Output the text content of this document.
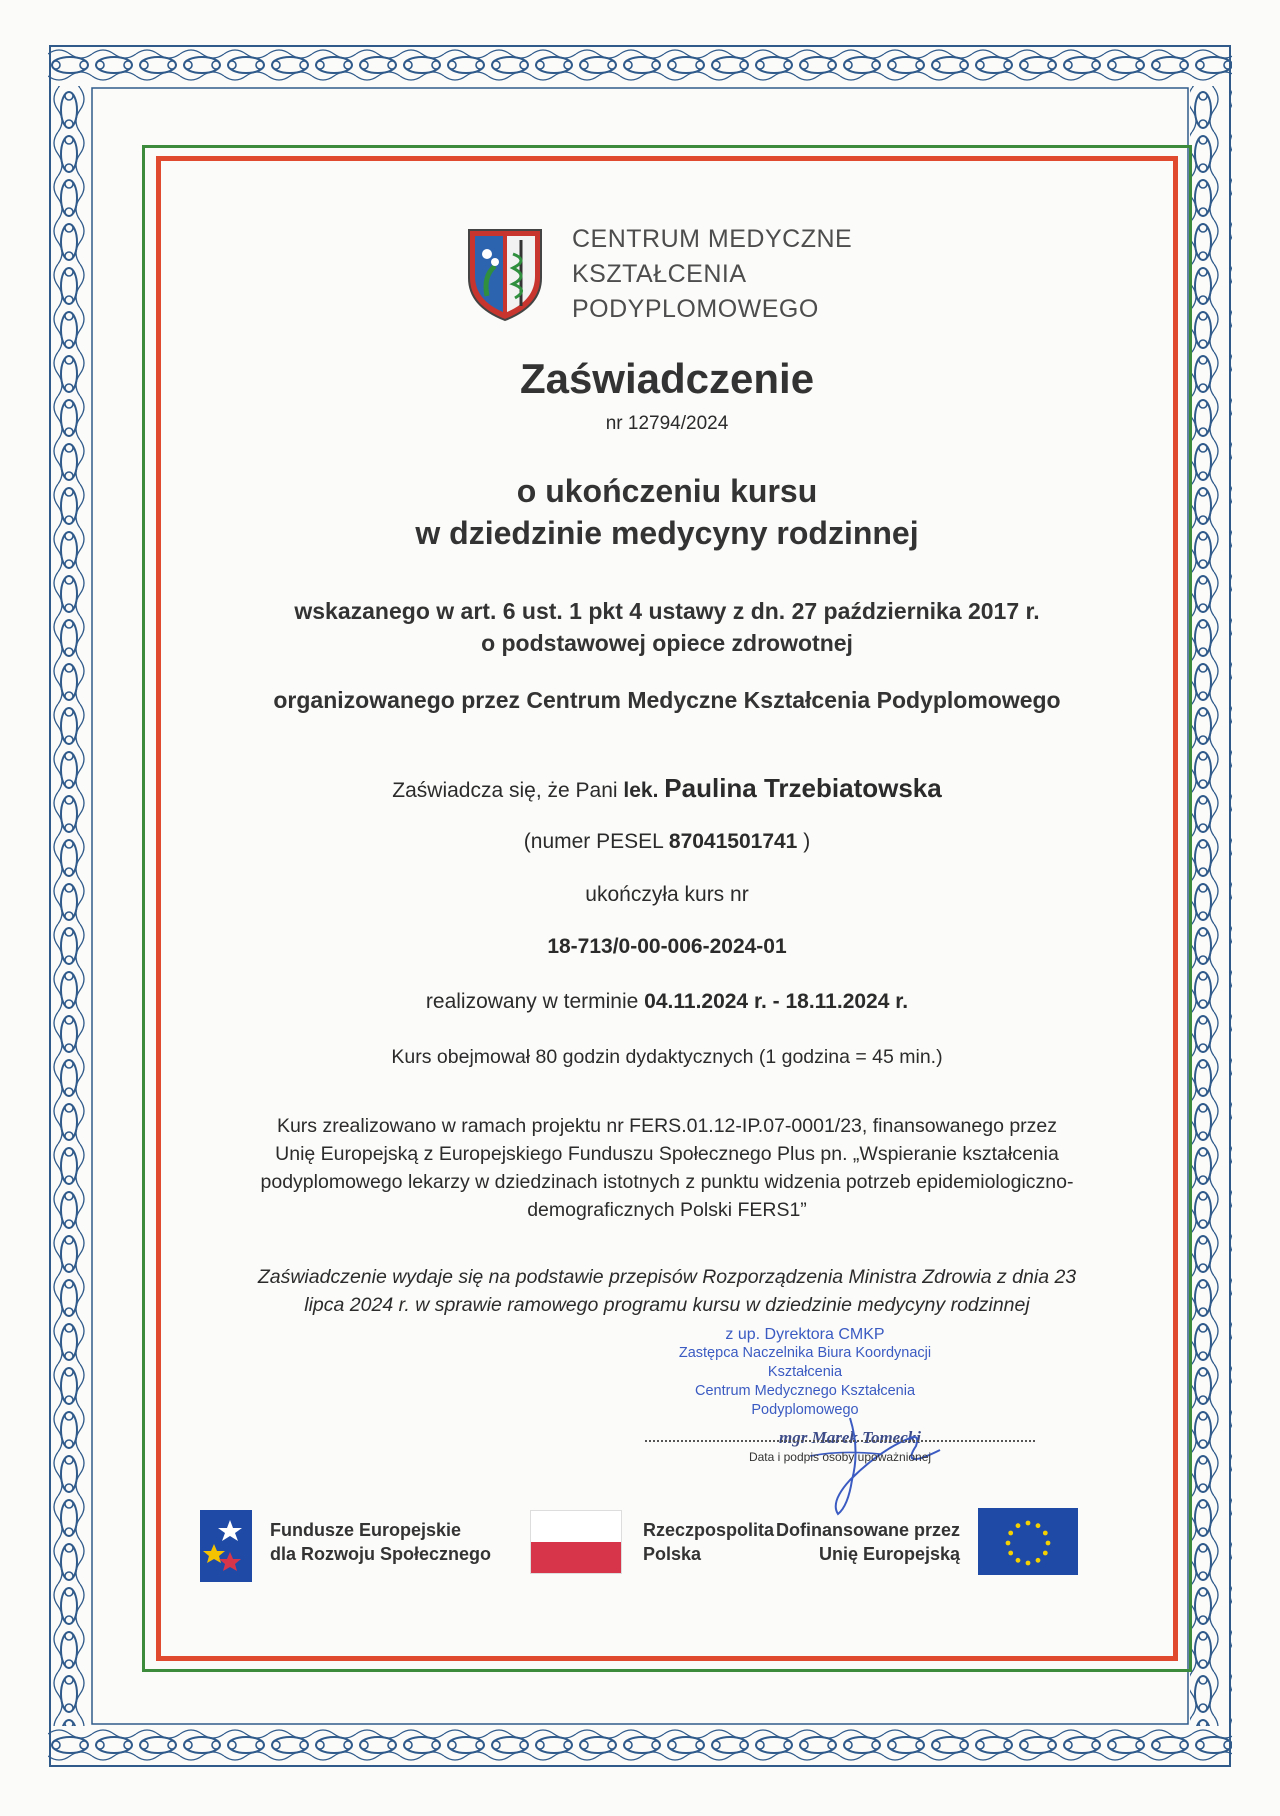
CENTRUM MEDYCZNE
KSZTAŁCENIA
PODYPLOMOWEGO
Zaświadczenie
nr 12794/2024
o ukończeniu kursu
w dziedzinie medycyny rodzinnej
wskazanego w art. 6 ust. 1 pkt 4 ustawy z dn. 27 października 2017 r.
o podstawowej opiece zdrowotnej
organizowanego przez Centrum Medyczne Kształcenia Podyplomowego
Zaświadcza się, że Pani lek. Paulina Trzebiatowska
(numer PESEL 87041501741 )
ukończyła kurs nr
18-713/0-00-006-2024-01
realizowany w terminie 04.11.2024 r. - 18.11.2024 r.
Kurs obejmował 80 godzin dydaktycznych (1 godzina = 45 min.)
Kurs zrealizowano w ramach projektu nr FERS.01.12-IP.07-0001/23, finansowanego przez
Unię Europejską z Europejskiego Funduszu Społecznego Plus pn. „Wspieranie kształcenia
podyplomowego lekarzy w dziedzinach istotnych z punktu widzenia potrzeb epidemiologiczno-
demograficznych Polski FERS1”
Zaświadczenie wydaje się na podstawie przepisów Rozporządzenia Ministra Zdrowia z dnia 23
lipca 2024 r. w sprawie ramowego programu kursu w dziedzinie medycyny rodzinnej
z up. Dyrektora CMKP
Zastępca Naczelnika Biura Koordynacji Kształcenia
Centrum Medycznego Kształcenia Podyplomowego
mgr Marek Tomecki
Data i podpis osoby upoważnionej
Fundusze Europejskie
dla Rozwoju Społecznego
Rzeczpospolita
Polska
Dofinansowane przez
Unię Europejską
